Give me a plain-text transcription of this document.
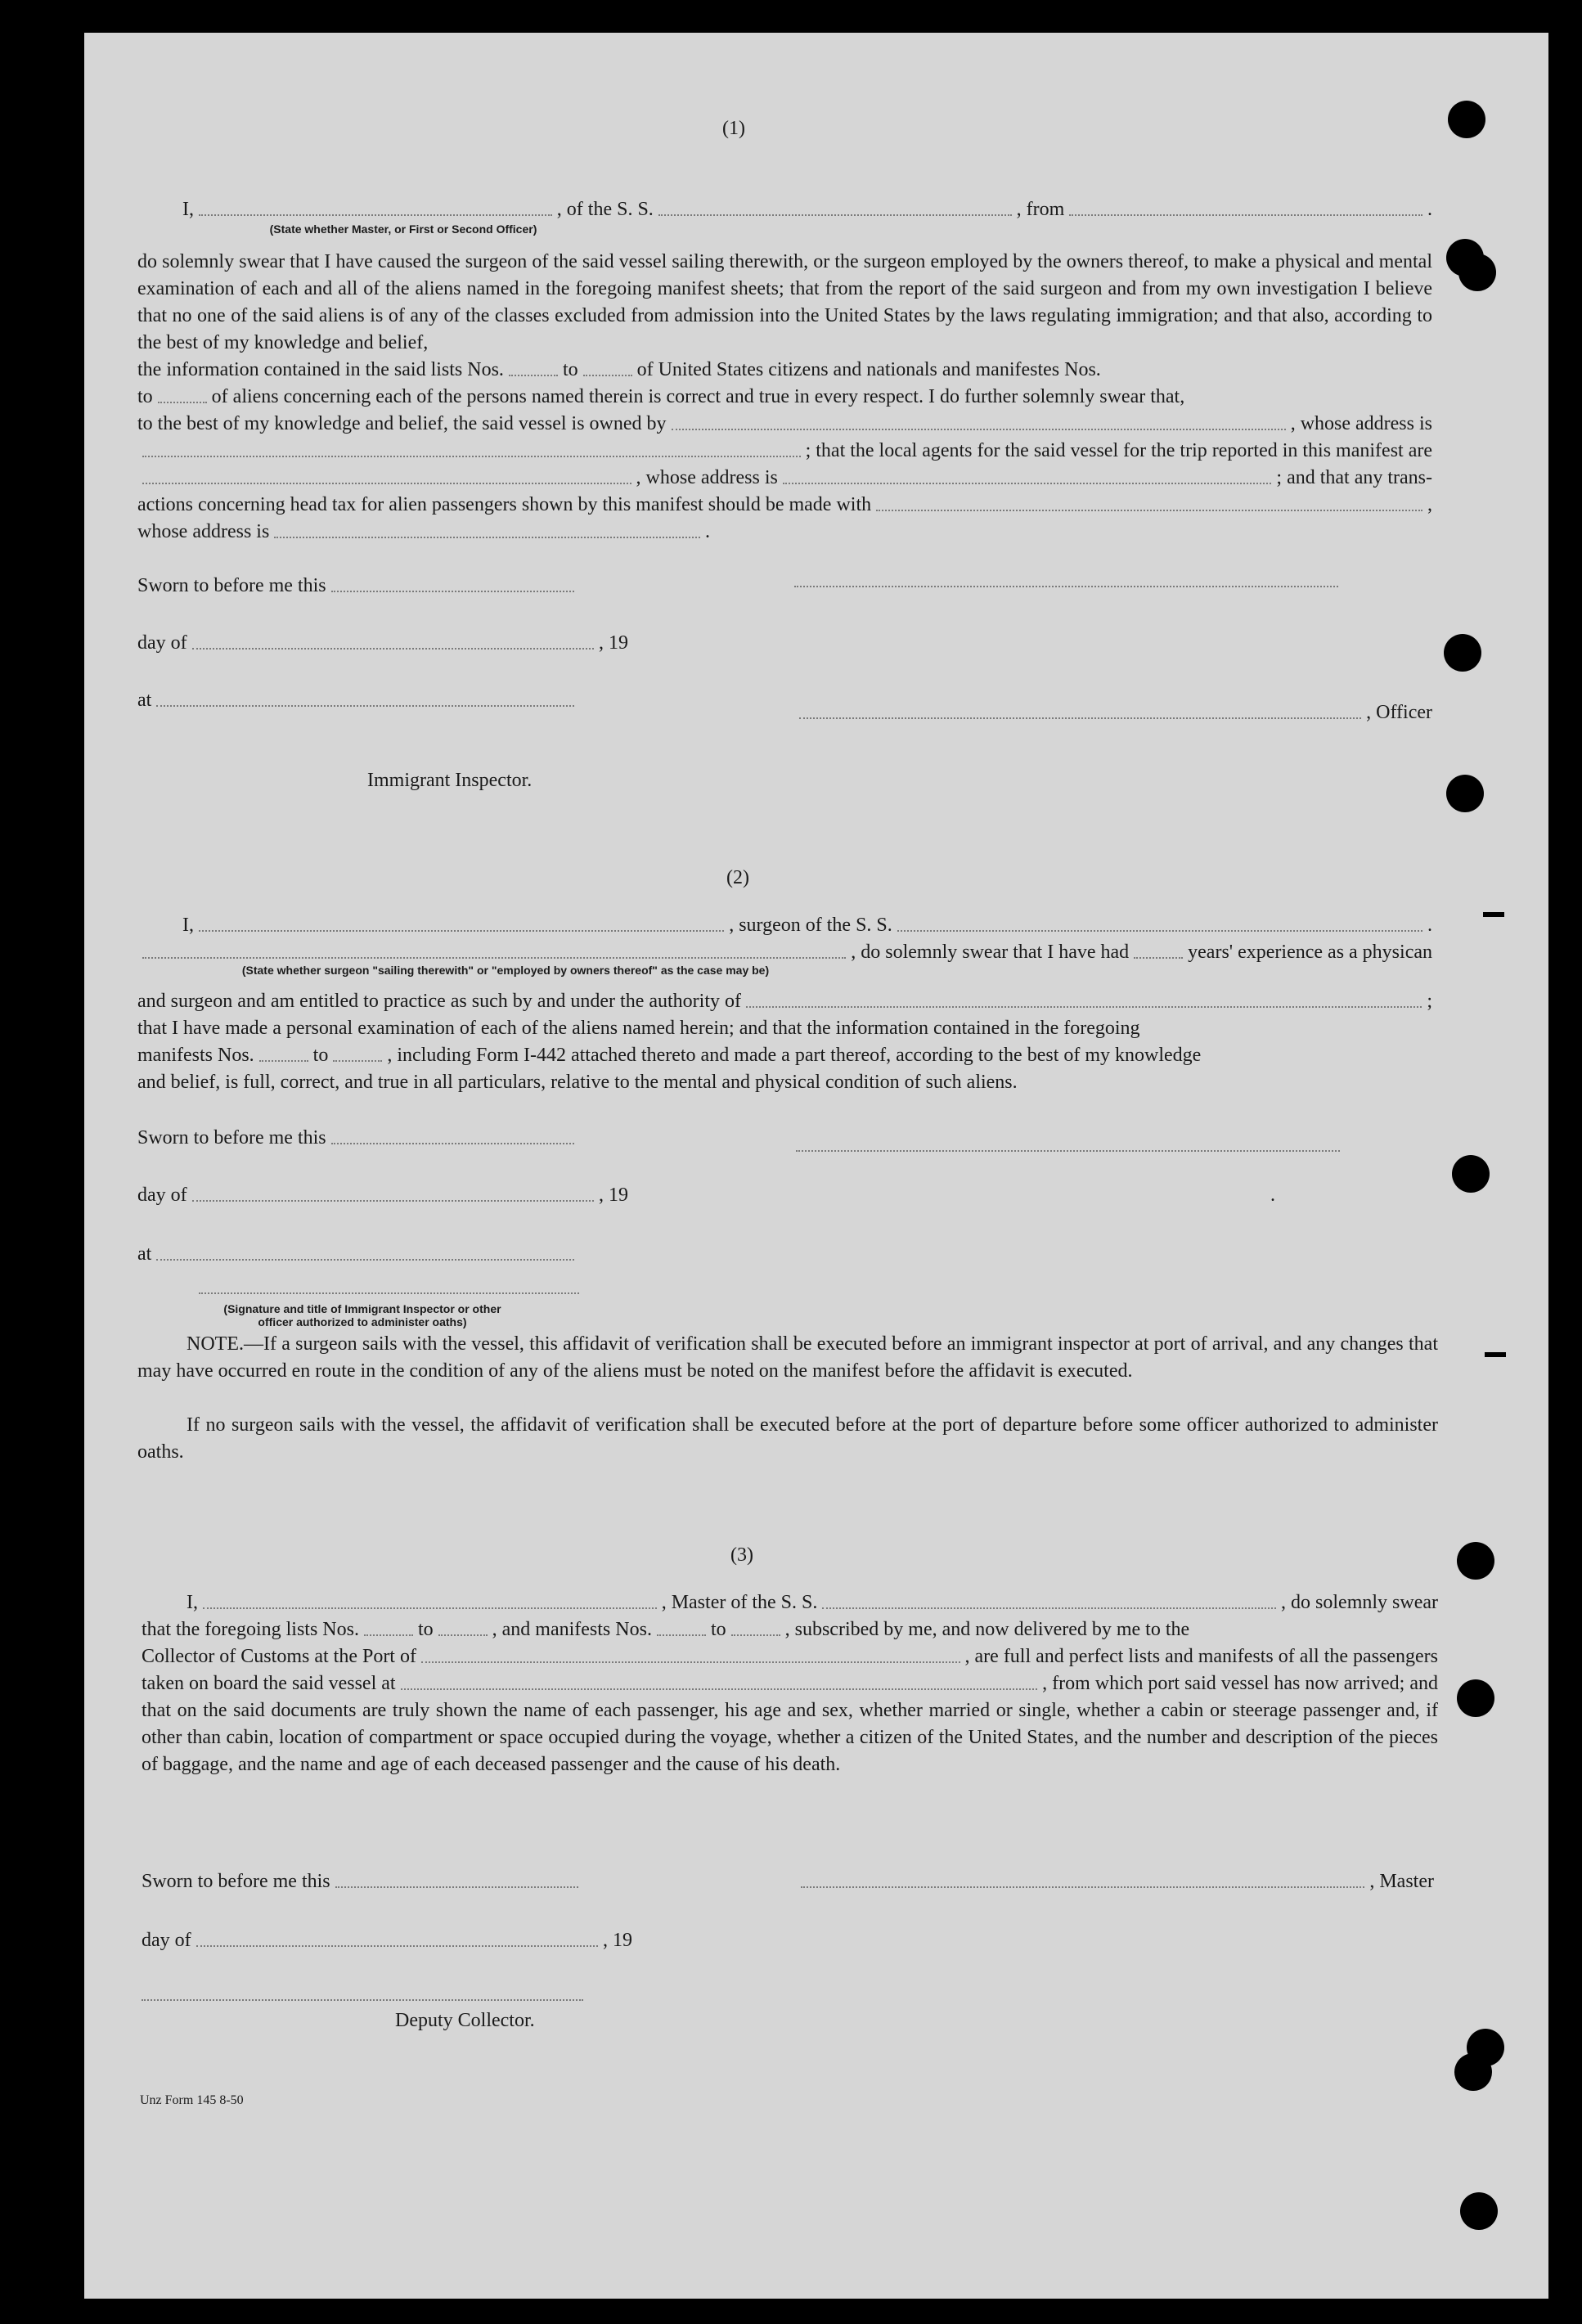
(1)
I,	, of the S. S.	, from	.
(State whether Master, or First or Second Officer)
do solemnly swear that I have caused the surgeon of the said vessel sailing therewith, or the surgeon employed by the owners thereof, to make a physical and mental examination of each and all of the aliens named in the foregoing manifest sheets; that from the report of the said surgeon and from my own investigation I believe that no one of the said aliens is of any of the classes excluded from admission into the United States by the laws regulating immigration; and that also, according to the best of my knowledge and belief,
the information contained in the said lists Nos.	to	of United States citizens and nationals and manifestes Nos.
to	of aliens concerning each of the persons named therein is correct and true in every respect. I do further solemnly swear that,
to the best of my knowledge and belief, the said vessel is owned by	, whose address is
; that the local agents for the said vessel for the trip reported in this manifest are
, whose address is	; and that any trans-
actions concerning head tax for alien passengers shown by this manifest should be made with	,
whose address is	.
Sworn to before me this
day of	, 19
at
, Officer
Immigrant Inspector.
(2)
I,	, surgeon of the S. S.	.
, do solemnly swear that I have had	years' experience as a physican
(State whether surgeon "sailing therewith" or "employed by owners thereof" as the case may be)
and surgeon and am entitled to practice as such by and under the authority of	;
that I have made a personal examination of each of the aliens named herein; and that the information contained in the foregoing
manifests Nos.	to	, including Form I-442 attached thereto and made a part thereof, according to the best of my knowledge
and belief, is full, correct, and true in all particulars, relative to the mental and physical condition of such aliens.
Sworn to before me this
day of	, 19	.
at
(Signature and title of Immigrant Inspector or other
officer authorized to administer oaths)
NOTE.—If a surgeon sails with the vessel, this affidavit of verification shall be executed before an immigrant inspector at port of arrival, and any changes that may have occurred en route in the condition of any of the aliens must be noted on the manifest before the affidavit is executed.
If no surgeon sails with the vessel, the affidavit of verification shall be executed before at the port of departure before some officer authorized to administer oaths.
(3)
I,	, Master of the S. S.	, do solemnly swear
that the foregoing lists Nos.	to	, and manifests Nos.	to	, subscribed by me, and now delivered by me to the
Collector of Customs at the Port of	, are full and perfect lists and manifests of all the passengers
taken on board the said vessel at	, from which port said vessel has now arrived; and
that on the said documents are truly shown the name of each passenger, his age and sex, whether married or single, whether a cabin or steerage passenger and, if other than cabin, location of compartment or space occupied during the voyage, whether a citizen of the United States, and the number and description of the pieces of baggage, and the name and age of each deceased passenger and the cause of his death.
Sworn to before me this	, Master
day of	, 19
Deputy Collector.
Unz Form 145 8-50
